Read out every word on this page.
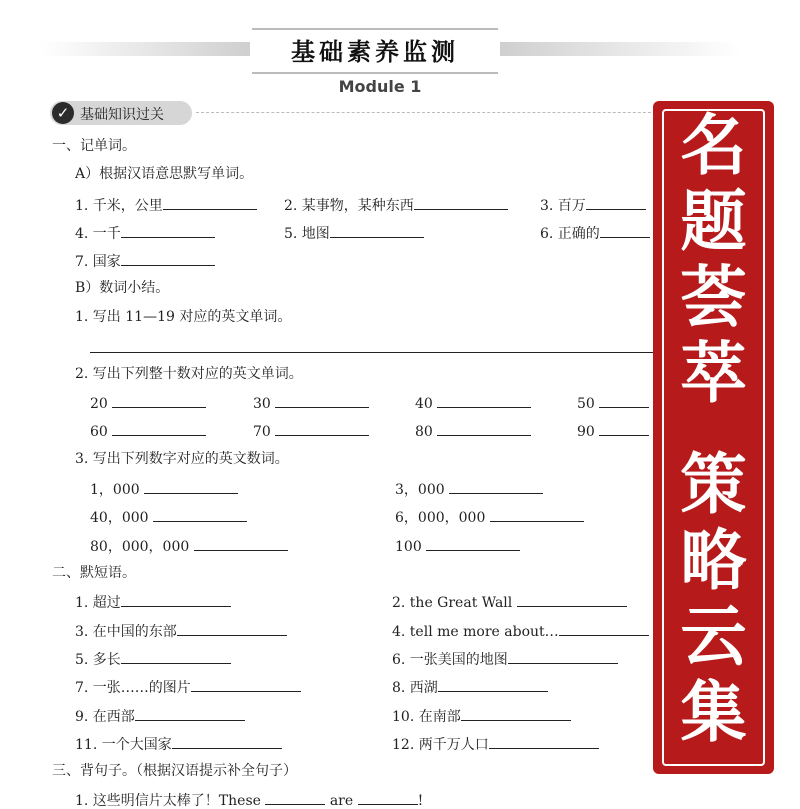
基础素养监测
Module 1
✓ 基础知识过关
一、记单词。
A）根据汉语意思默写单词。
1. 千米，公里	2. 某事物，某种东西	3. 百万
4. 一千	5. 地图	6. 正确的
7. 国家
B）数词小结。
1. 写出 11—19 对应的英文单词。
2. 写出下列整十数对应的英文单词。
20	30	40	50
60	70	80	90
3. 写出下列数字对应的英文数词。
1，000	3，000
40，000	6，000，000
80，000，000	100
二、默短语。
1. 超过	2. the Great Wall
3. 在中国的东部	4. tell me more about…
5. 多长	6. 一张美国的地图
7. 一张……的图片	8. 西湖
9. 在西部	10. 在南部
11. 一个大国家	12. 两千万人口
三、背句子。（根据汉语提示补全句子）
1. 这些明信片太棒了！These	are	!
名
题
荟
萃
策
略
云
集
